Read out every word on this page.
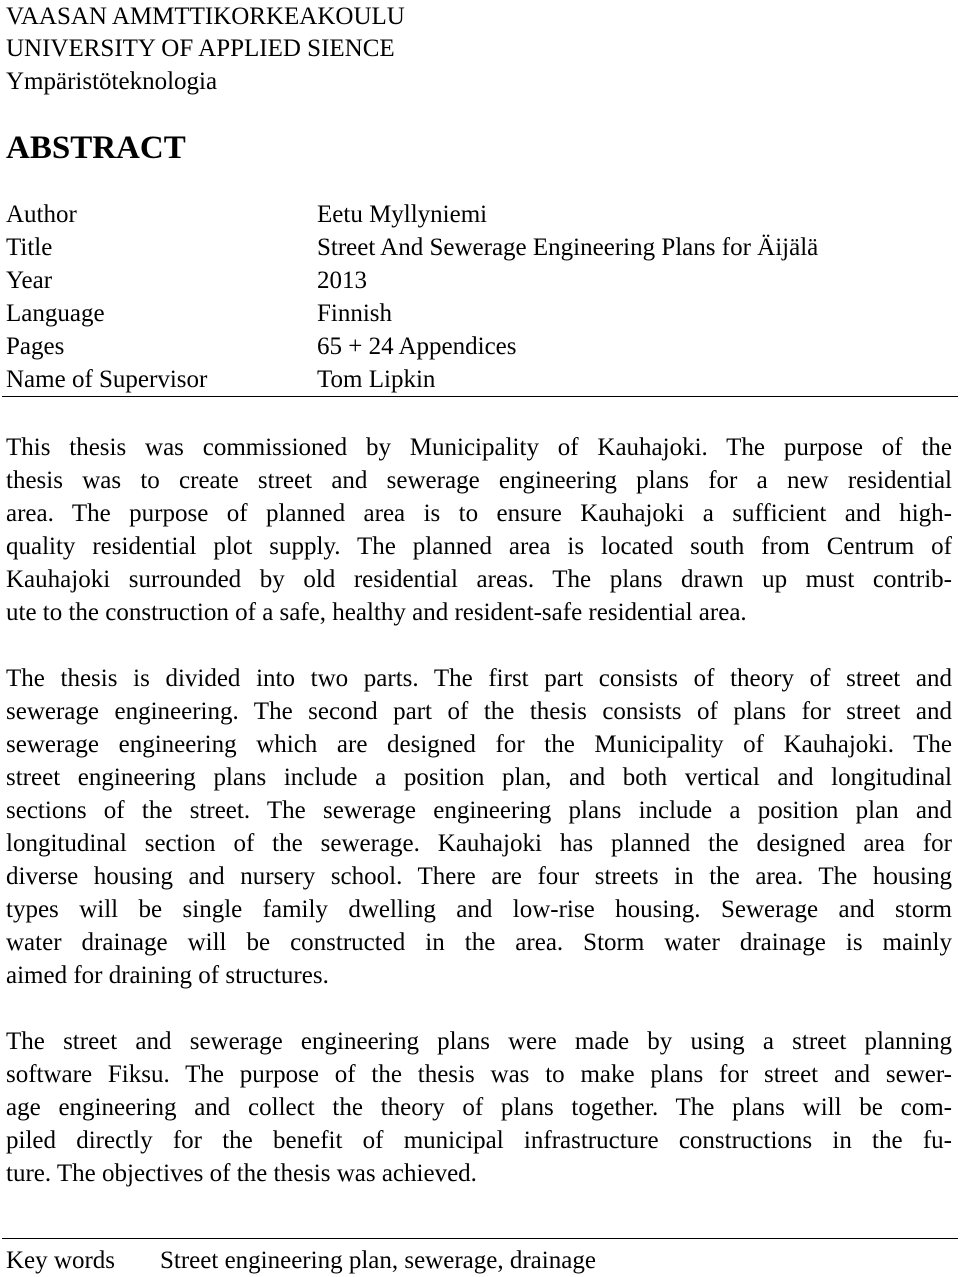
VAASAN AMMTTIKORKEAKOULU
UNIVERSITY OF APPLIED SIENCE
Ympäristöteknologia
ABSTRACT
Author	Eetu Myllyniemi
Title	Street And Sewerage Engineering Plans for Äijälä
Year	2013
Language	Finnish
Pages	65 + 24 Appendices
Name of Supervisor	Tom Lipkin
This thesis was commissioned by Municipality of Kauhajoki. The purpose of the
thesis was to create street and sewerage engineering plans for a new residential
area. The purpose of planned area is to ensure Kauhajoki a sufficient and high-
quality residential plot supply. The planned area is located south from Centrum of
Kauhajoki surrounded by old residential areas. The plans drawn up must contrib-
ute to the construction of a safe, healthy and resident-safe residential area.
The thesis is divided into two parts. The first part consists of theory of street and
sewerage engineering. The second part of the thesis consists of plans for street and
sewerage engineering which are designed for the Municipality of Kauhajoki. The
street engineering plans include a position plan, and both vertical and longitudinal
sections of the street. The sewerage engineering plans include a position plan and
longitudinal section of the sewerage. Kauhajoki has planned the designed area for
diverse housing and nursery school. There are four streets in the area. The housing
types will be single family dwelling and low-rise housing. Sewerage and storm
water drainage will be constructed in the area. Storm water drainage is mainly
aimed for draining of structures.
The street and sewerage engineering plans were made by using a street planning
software Fiksu. The purpose of the thesis was to make plans for street and sewer-
age engineering and collect the theory of plans together. The plans will be com-
piled directly for the benefit of municipal infrastructure constructions in the fu-
ture. The objectives of the thesis was achieved.
Key words Street engineering plan, sewerage, drainage
